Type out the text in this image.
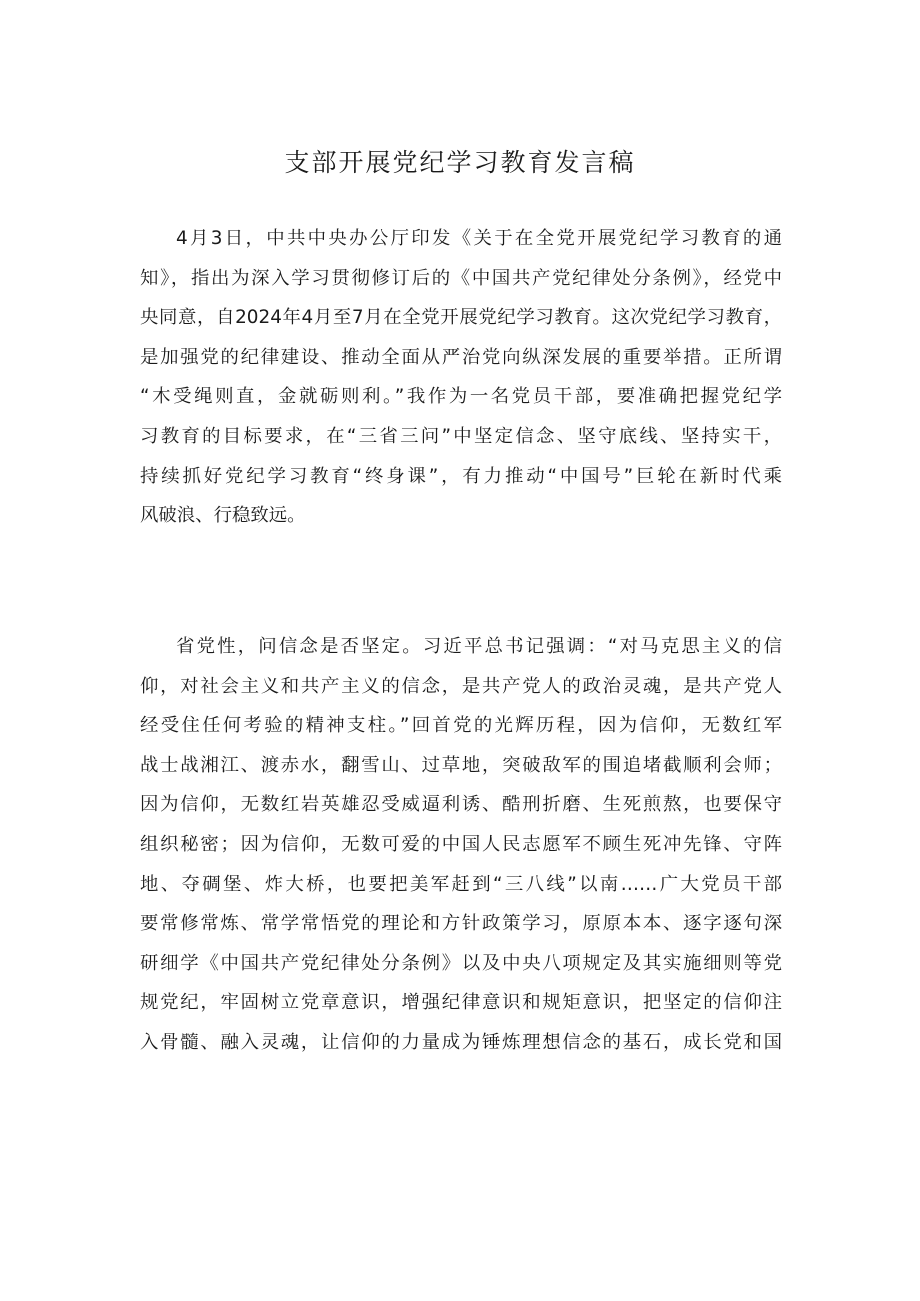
支部开展党纪学习教育发言稿
4月3日，中共中央办公厅印发《关于在全党开展党纪学习教育的通
知》，指出为深入学习贯彻修订后的《中国共产党纪律处分条例》，经党中
央同意，自2024年4月至7月在全党开展党纪学习教育。这次党纪学习教育，
是加强党的纪律建设、推动全面从严治党向纵深发展的重要举措。正所谓
“木受绳则直，金就砺则利。”我作为一名党员干部，要准确把握党纪学
习教育的目标要求，在“三省三问”中坚定信念、坚守底线、坚持实干，
持续抓好党纪学习教育“终身课”，有力推动“中国号”巨轮在新时代乘
风破浪、行稳致远。
省党性，问信念是否坚定。习近平总书记强调：“对马克思主义的信
仰，对社会主义和共产主义的信念，是共产党人的政治灵魂，是共产党人
经受住任何考验的精神支柱。”回首党的光辉历程，因为信仰，无数红军
战士战湘江、渡赤水，翻雪山、过草地，突破敌军的围追堵截顺利会师；
因为信仰，无数红岩英雄忍受威逼利诱、酷刑折磨、生死煎熬，也要保守
组织秘密；因为信仰，无数可爱的中国人民志愿军不顾生死冲先锋、守阵
地、夺碉堡、炸大桥，也要把美军赶到“三八线”以南……广大党员干部
要常修常炼、常学常悟党的理论和方针政策学习，原原本本、逐字逐句深
研细学《中国共产党纪律处分条例》以及中央八项规定及其实施细则等党
规党纪，牢固树立党章意识，增强纪律意识和规矩意识，把坚定的信仰注
入骨髓、融入灵魂，让信仰的力量成为锤炼理想信念的基石，成长党和国
